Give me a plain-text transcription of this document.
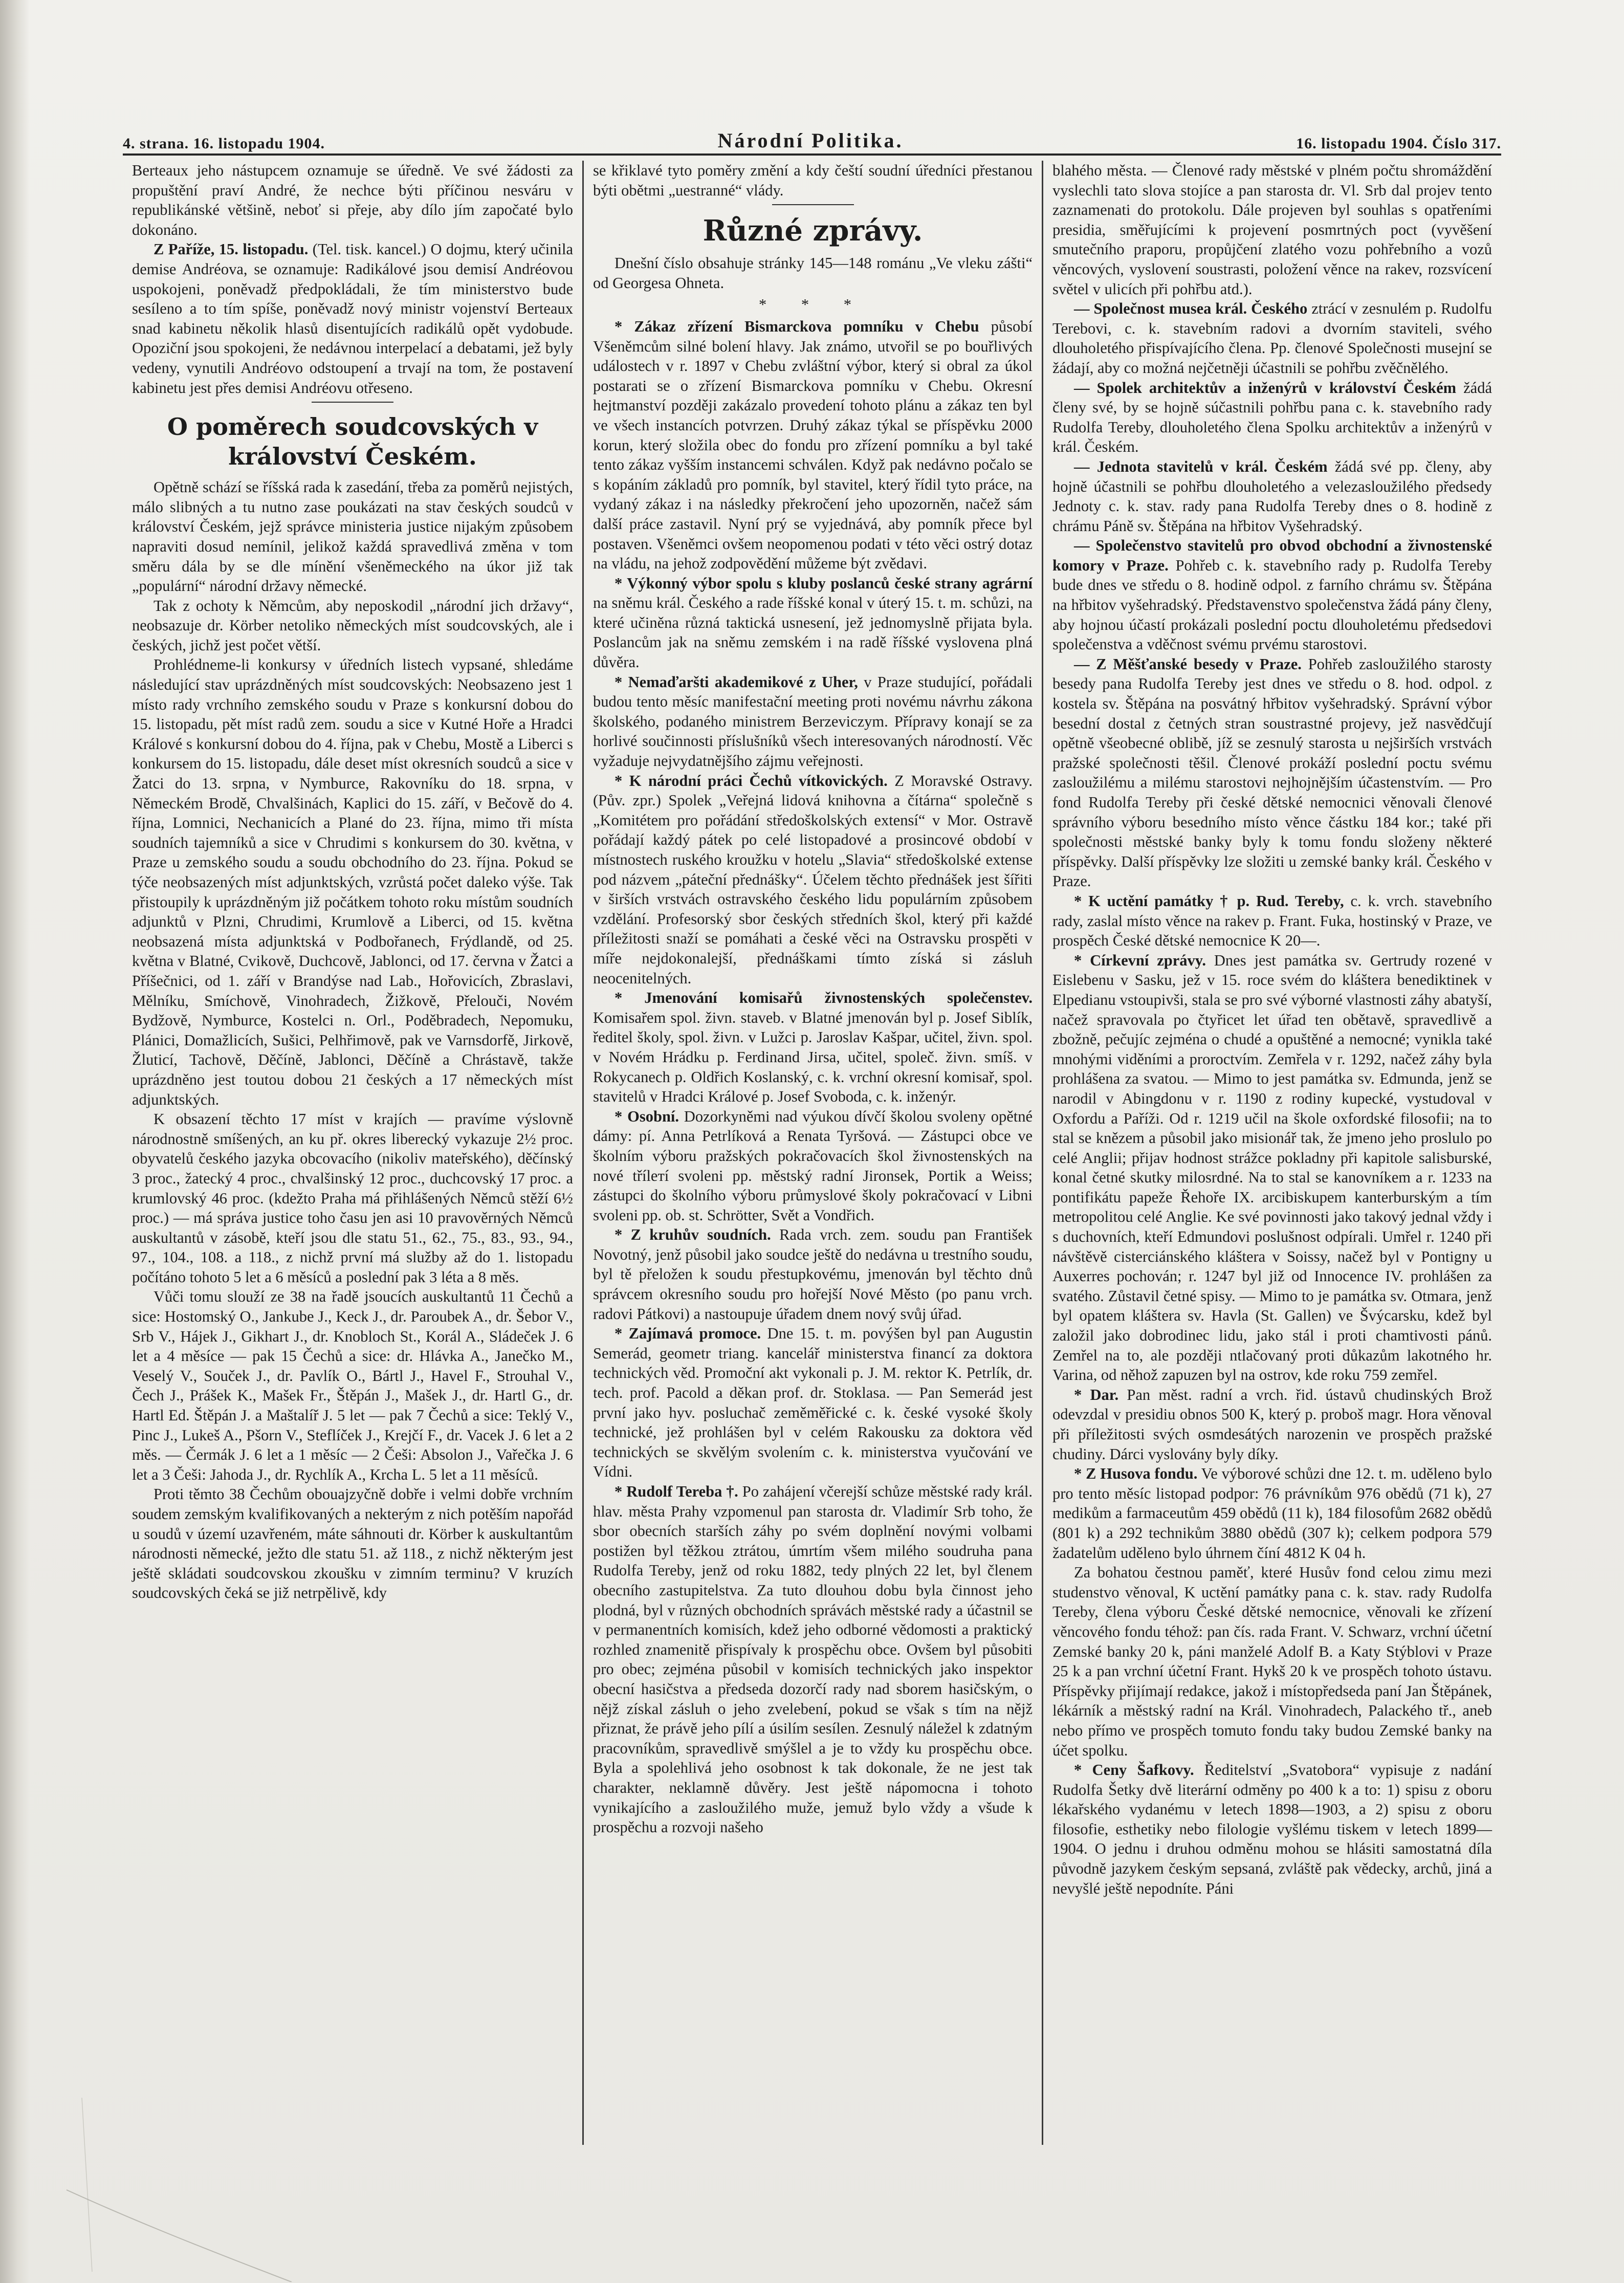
4. strana. 16. listopadu 1904.	Národní Politika.	16. listopadu 1904. Číslo 317.

Berteaux jeho nástupcem oznamuje se úředně. Ve své žádosti za propuštění praví André, že nechce býti příčinou nesváru v republikánské většině, neboť si přeje, aby dílo jím započaté bylo dokonáno.

Z Paříže, 15. listopadu. (Tel. tisk. kancel.) O dojmu, který učinila demise Andréova, se oznamuje: Radikálové jsou demisí Andréovou uspokojeni, poněvadž předpokládali, že tím ministerstvo bude sesíleno a to tím spíše, poněvadž nový ministr vojenství Berteaux snad kabinetu několik hlasů disentujících radikálů opět vydobude. Opoziční jsou spokojeni, že nedávnou interpelací a debatami, jež byly vedeny, vynutili Andréovo odstoupení a trvají na tom, že postavení kabinetu jest přes demisi Andréovu otřeseno.

O poměrech soudcovských v království Českém.

Opětně schází se říšská rada k zasedání, třeba za poměrů nejistých, málo slibných a tu nutno zase poukázati na stav českých soudců v království Českém, jejž správce ministeria justice nijakým způsobem napraviti dosud nemínil, jelikož každá spravedlivá změna v tom směru dála by se dle mínění všeněmeckého na úkor již tak „populární“ národní državy německé.

Tak z ochoty k Němcům, aby neposkodil „národní jich državy“, neobsazuje dr. Körber netoliko německých míst soudcovských, ale i českých, jichž jest počet větší.

Prohlédneme-li konkursy v úředních listech vypsané, shledáme následující stav uprázdněných míst soudcovských: Neobsazeno jest 1 místo rady vrchního zemského soudu v Praze s konkursní dobou do 15. listopadu, pět míst radů zem. soudu a sice v Kutné Hoře a Hradci Králové s konkursní dobou do 4. října, pak v Chebu, Mostě a Liberci s konkursem do 15. listopadu, dále deset míst okresních soudců a sice v Žatci do 13. srpna, v Nymburce, Rakovníku do 18. srpna, v Německém Brodě, Chvalšinách, Kaplici do 15. září, v Bečově do 4. října, Lomnici, Nechanicích a Plané do 23. října, mimo tři místa soudních tajemníků a sice v Chrudimi s konkursem do 30. května, v Praze u zemského soudu a soudu obchodního do 23. října. Pokud se týče neobsazených míst adjunktských, vzrůstá počet daleko výše. Tak přistoupily k uprázdněným již počátkem tohoto roku místům soudních adjunktů v Plzni, Chrudimi, Krumlově a Liberci, od 15. května neobsazená místa adjunktská v Podbořanech, Frýdlandě, od 25. května v Blatné, Cvikově, Duchcově, Jablonci, od 17. června v Žatci a Příšečnici, od 1. září v Brandýse nad Lab., Hořovicích, Zbraslavi, Mělníku, Smíchově, Vinohradech, Žižkově, Přelouči, Novém Bydžově, Nymburce, Kostelci n. Orl., Poděbradech, Nepomuku, Plánici, Domažlicích, Sušici, Pelhřimově, pak ve Varnsdorfě, Jirkově, Žluticí, Tachově, Děčíně, Jablonci, Děčíně a Chrástavě, takže uprázdněno jest toutou dobou 21 českých a 17 německých míst adjunktských.

K obsazení těchto 17 míst v krajích — pravíme výslovně národnostně smíšených, an ku př. okres liberecký vykazuje 2½ proc. obyvatelů českého jazyka obcovacího (nikoliv mateřského), děčínský 3 proc., žatecký 4 proc., chvalšinský 12 proc., duchcovský 17 proc. a krumlovský 46 proc. (kdežto Praha má přihlášených Němců stěží 6½ proc.) — má správa justice toho času jen asi 10 pravověrných Němců auskultantů v zásobě, kteří jsou dle statu 51., 62., 75., 83., 93., 94., 97., 104., 108. a 118., z nichž první má služby až do 1. listopadu počítáno tohoto 5 let a 6 měsíců a poslední pak 3 léta a 8 měs.

Vůči tomu slouží ze 38 na řadě jsoucích auskultantů 11 Čechů a sice: Hostomský O., Jankube J., Keck J., dr. Paroubek A., dr. Šebor V., Srb V., Hájek J., Gikhart J., dr. Knobloch St., Korál A., Sládeček J. 6 let a 4 měsíce — pak 15 Čechů a sice: dr. Hlávka A., Janečko M., Veselý V., Souček J., dr. Pavlík O., Bártl J., Havel F., Strouhal V., Čech J., Prášek K., Mašek Fr., Štěpán J., Mašek J., dr. Hartl G., dr. Hartl Ed. Štěpán J. a Maštalíř J. 5 let — pak 7 Čechů a sice: Teklý V., Pinc J., Lukeš A., Pšorn V., Steflíček J., Krejčí F., dr. Vacek J. 6 let a 2 měs. — Čermák J. 6 let a 1 měsíc — 2 Češi: Absolon J., Vařečka J. 6 let a 3 Češi: Jahoda J., dr. Rychlík A., Krcha L. 5 let a 11 měsíců.

Proti těmto 38 Čechům obouajzyčně dobře i velmi dobře vrchním soudem zemským kvalifikovaných a nekterým z nich potěším napořád u soudů v území uzavřeném, máte sáhnouti dr. Körber k auskultantům národnosti německé, ježto dle statu 51. až 118., z nichž některým jest ještě skládati soudcovskou zkoušku v zimním terminu? V kruzích soudcovských čeká se již netrpělivě, kdy

se křiklavé tyto poměry změní a kdy čeští soudní úředníci přestanou býti obětmi „uestranné“ vlády.

Různé zprávy.

Dnešní číslo obsahuje stránky 145—148 románu „Ve vleku zášti“ od Georgesa Ohneta.

* * *

* Zákaz zřízení Bismarckova pomníku v Chebu působí Všeněmcům silné bolení hlavy. Jak známo, utvořil se po bouřlivých událostech v r. 1897 v Chebu zvláštní výbor, který si obral za úkol postarati se o zřízení Bismarckova pomníku v Chebu. Okresní hejtmanství později zakázalo provedení tohoto plánu a zákaz ten byl ve všech instancích potvrzen. Druhý zákaz týkal se příspěvku 2000 korun, který složila obec do fondu pro zřízení pomníku a byl také tento zákaz vyšším instancemi schválen. Když pak nedávno počalo se s kopáním základů pro pomník, byl stavitel, který řídil tyto práce, na vydaný zákaz i na následky překročení jeho upozorněn, načež sám další práce zastavil. Nyní prý se vyjednává, aby pomník přece byl postaven. Všeněmci ovšem neopomenou podati v této věci ostrý dotaz na vládu, na jehož zodpovědění můžeme být zvědavi.

* Výkonný výbor spolu s kluby poslanců české strany agrární na sněmu král. Českého a rade říšské konal v úterý 15. t. m. schůzi, na které učiněna různá taktická usnesení, jež jednomyslně přijata byla. Poslancům jak na sněmu zemském i na radě říšské vyslovena plná důvěra.

* Nemaďaršti akademikové z Uher, v Praze studující, pořádali budou tento měsíc manifestační meeting proti novému návrhu zákona školského, podaného ministrem Berzeviczym. Přípravy konají se za horlivé součinnosti příslušníků všech interesovaných národností. Věc vyžaduje nejvydatnějšího zájmu veřejnosti.

* K národní práci Čechů vítkovických. Z Moravské Ostravy. (Pův. zpr.) Spolek „Veřejná lidová knihovna a čítárna“ společně s „Komitétem pro pořádání středoškolských extensí“ v Mor. Ostravě pořádají každý pátek po celé listopadové a prosincové období v místnostech ruského kroužku v hotelu „Slavia“ středoškolské extense pod názvem „páteční přednášky“. Účelem těchto přednášek jest šířiti v širších vrstvách ostravského českého lidu populárním způsobem vzdělání. Profesorský sbor českých středních škol, který při každé příležitosti snaží se pomáhati a české věci na Ostravsku prospěti v míře nejdokonalejší, přednáškami tímto získá si zásluh neocenitelných.

* Jmenování komisařů živnostenských společenstev. Komisařem spol. živn. staveb. v Blatné jmenován byl p. Josef Siblík, ředitel školy, spol. živn. v Lužci p. Jaroslav Kašpar, učitel, živn. spol. v Novém Hrádku p. Ferdinand Jirsa, učitel, společ. živn. smíš. v Rokycanech p. Oldřich Koslanský, c. k. vrchní okresní komisař, spol. stavitelů v Hradci Králové p. Josef Svoboda, c. k. inženýr.

* Osobní. Dozorkyněmi nad výukou dívčí školou svoleny opětné dámy: pí. Anna Petrlíková a Renata Tyršová. — Zástupci obce ve školním výboru pražských pokračovacích škol živnostenských na nové třílетí svoleni pp. městský radní Jironsek, Portik a Weiss; zástupci do školního výboru průmyslové školy pokračovací v Libni svoleni pp. ob. st. Schrötter, Svět a Vondřich.

* Z kruhův soudních. Rada vrch. zem. soudu pan František Novotný, jenž působil jako soudce ještě do nedávna u trestního soudu, byl tě přeložen k soudu přestupkovému, jmenován byl těchto dnů správcem okresního soudu pro hořejší Nové Město (po panu vrch. radovi Pátkovi) a nastoupuje úřadem dnem nový svůj úřad.

* Zajímavá promoce. Dne 15. t. m. povýšen byl pan Augustin Semerád, geometr triang. kancelář ministerstva financí za doktora technických věd. Promoční akt vykonali p. J. M. rektor K. Petrlík, dr. tech. prof. Pacold a děkan prof. dr. Stoklasa. — Pan Semerád jest první jako hyv. posluchač zeměměřické c. k. české vysoké školy technické, jež prohlášen byl v celém Rakousku za doktora věd technických se skvělým svolením c. k. ministerstva vyučování ve Vídni.

* Rudolf Tereba †. Po zahájení včerejší schůze městské rady král. hlav. města Prahy vzpomenul pan starosta dr. Vladimír Srb toho, že sbor obecních starších záhy po svém doplnění novými volbami postižen byl těžkou ztrátou, úmrtím všem milého soudruha pana Rudolfa Tereby, jenž od roku 1882, tedy plných 22 let, byl členem obecního zastupitelstva. Za tuto dlouhou dobu byla činnost jeho plodná, byl v různých obchodních správách městské rady a účastnil se v permanentních komisích, kdež jeho odborné vědomosti a praktický rozhled znamenitě přispívaly k prospěchu obce. Ovšem byl působiti pro obec; zejména působil v komisích technických jako inspektor obecní hasičstva a předseda dozorčí rady nad sborem hasičským, o nějž získal zásluh o jeho zvelebení, pokud se však s tím na nějž přiznat, že právě jeho pílí a úsilím sesílen. Zesnulý náležel k zdatným pracovníkům, spravedlivě smýšlel a je to vždy ku prospěchu obce. Byla a spolehlivá jeho osobnost k tak dokonale, že ne jest tak charakter, neklamně důvěry. Jest ještě nápomocna i tohoto vynikajícího a zasloužilého muže, jemuž bylo vždy a všude k prospěchu a rozvoji našeho

blahého města. — Členové rady městské v plném počtu shromáždění vyslechli tato slova stojíce a pan starosta dr. Vl. Srb dal projev tento zaznamenati do protokolu. Dále projeven byl souhlas s opatřeními presidia, směřujícími k projevení posmrtných poct (vyvěšení smutečního praporu, propůjčení zlatého vozu pohřebního a vozů věncových, vyslovení soustrasti, položení věnce na rakev, rozsvícení světel v ulicích při pohřbu atd.).

— Společnost musea král. Českého ztrácí v zesnulém p. Rudolfu Terebovi, c. k. stavebním radovi a dvorním staviteli, svého dlouholetého přispívajícího člena. Pp. členové Společnosti musejní se žádají, aby co možná nejčetněji účastnili se pohřbu zvěčnělého.

— Spolek architektův a inženýrů v království Českém žádá členy své, by se hojně súčastnili pohřbu pana c. k. stavebního rady Rudolfa Tereby, dlouholetého člena Spolku architektův a inženýrů v král. Českém.

— Jednota stavitelů v král. Českém žádá své pp. členy, aby hojně účastnili se pohřbu dlouholetého a velezasloužilého předsedy Jednoty c. k. stav. rady pana Rudolfa Tereby dnes o 8. hodině z chrámu Páně sv. Štěpána na hřbitov Vyšehradský.

— Společenstvo stavitelů pro obvod obchodní a živnostenské komory v Praze. Pohřeb c. k. stavebního rady p. Rudolfa Tereby bude dnes ve středu o 8. hodině odpol. z farního chrámu sv. Štěpána na hřbitov vyšehradský. Představenstvo společenstva žádá pány členy, aby hojnou účastí prokázali poslední poctu dlouholetému předsedovi společenstva a vděčnost svému prvému starostovi.

— Z Měšťanské besedy v Praze. Pohřeb zasloužilého starosty besedy pana Rudolfa Tereby jest dnes ve středu o 8. hod. odpol. z kostela sv. Štěpána na posvátný hřbitov vyšehradský. Správní výbor besední dostal z četných stran soustrastné projevy, jež nasvědčují opětně všeobecné oblibě, jíž se zesnulý starosta u nejširších vrstvách pražské společnosti těšil. Členové prokáží poslední poctu svému zasloužilému a milému starostovi nejhojnějším účastenstvím. — Pro fond Rudolfa Tereby při české dětské nemocnici věnovali členové správního výboru besedního místo věnce částku 184 kor.; také při společnosti městské banky byly k tomu fondu složeny některé příspěvky. Další příspěvky lze složiti u zemské banky král. Českého v Praze.

* K uctění památky † p. Rud. Tereby, c. k. vrch. stavebního rady, zaslal místo věnce na rakev p. Frant. Fuka, hostinský v Praze, ve prospěch České dětské nemocnice K 20—.

* Církevní zprávy. Dnes jest památka sv. Gertrudy rozené v Eislebenu v Sasku, jež v 15. roce svém do kláštera benediktinek v Elpedianu vstoupivši, stala se pro své výborné vlastnosti záhy abatyší, načež spravovala po čtyřicet let úřad ten obětavě, spravedlivě a zbožně, pečujíc zejména o chudé a opuštěné a nemocné; vynikla také mnohými viděními a proroctvím. Zemřela v r. 1292, načež záhy byla prohlášena za svatou. — Mimo to jest památka sv. Edmunda, jenž se narodil v Abingdonu v r. 1190 z rodiny kupecké, vystudoval v Oxfordu a Paříži. Od r. 1219 učil na škole oxfordské filosofii; na to stal se knězem a působil jako misionář tak, že jmeno jeho proslulo po celé Anglii; přijav hodnost strážce pokladny při kapitole salisburské, konal četné skutky milosrdné. Na to stal se kanovníkem a r. 1233 na pontifikátu papeže Řehoře IX. arcibiskupem kanterburským a tím metropolitou celé Anglie. Ke své povinnosti jako takový jednal vždy i s duchovních, kteří Edmundovi poslušnost odpírali. Umřel r. 1240 při návštěvě cisterciánského kláštera v Soissy, načež byl v Pontigny u Auxerres pochován; r. 1247 byl již od Innocence IV. prohlášen za svatého. Zůstavil četné spisy. — Mimo to je památka sv. Otmara, jenž byl opatem kláštera sv. Havla (St. Gallen) ve Švýcarsku, kdež byl založil jako dobrodinec lidu, jako stál i proti chamtivosti pánů. Zemřel na to, ale později ntlačovaný proti důkazům lakotného hr. Varina, od něhož zapuzen byl na ostrov, kde roku 759 zemřel.

* Dar. Pan měst. radní a vrch. řid. ústavů chudinských Brož odevzdal v presidiu obnos 500 K, který p. proboš magr. Hora věnoval při příležitosti svých osmdesátých narozenin ve prospěch pražské chudiny. Dárci vyslovány byly díky.

* Z Husova fondu. Ve výborové schůzi dne 12. t. m. uděleno bylo pro tento měsíc listopad podpor: 76 právníkům 976 obědů (71 k), 27 medikům a farmaceutům 459 obědů (11 k), 184 filosofům 2682 obědů (801 k) a 292 technikům 3880 obědů (307 k); celkem podpora 579 žadatelům uděleno bylo úhrnem číní 4812 K 04 h.

Za bohatou čestnou paměť, které Husův fond celou zimu mezi studenstvo věnoval, K uctění památky pana c. k. stav. rady Rudolfa Tereby, člena výboru České dětské nemocnice, věnovali ke zřízení věncového fondu téhož: pan čís. rada Frant. V. Schwarz, vrchní účetní Zemské banky 20 k, páni manželé Adolf B. a Katy Stýblovi v Praze 25 k a pan vrchní účetní Frant. Hykš 20 k ve prospěch tohoto ústavu. Příspěvky přijímají redakce, jakož i místopředseda paní Jan Štěpánek, lékárník a městský radní na Král. Vinohradech, Palackého tř., aneb nebo přímo ve prospěch tomuto fondu taky budou Zemské banky na účet spolku.

* Ceny Šafkovy. Ředitelství „Svatobora“ vypisuje z nadání Rudolfa Šetky dvě literární odměny po 400 k a to: 1) spisu z oboru lékařského vydanému v letech 1898—1903, a 2) spisu z oboru filosofie, esthetiky nebo filologie vyšlému tiskem v letech 1899—1904. O jednu i druhou odměnu mohou se hlásiti samostatná díla původně jazykem českým sepsaná, zvláště pak vědecky, archů, jiná a nevyšlé ještě nepodníte. Páni
